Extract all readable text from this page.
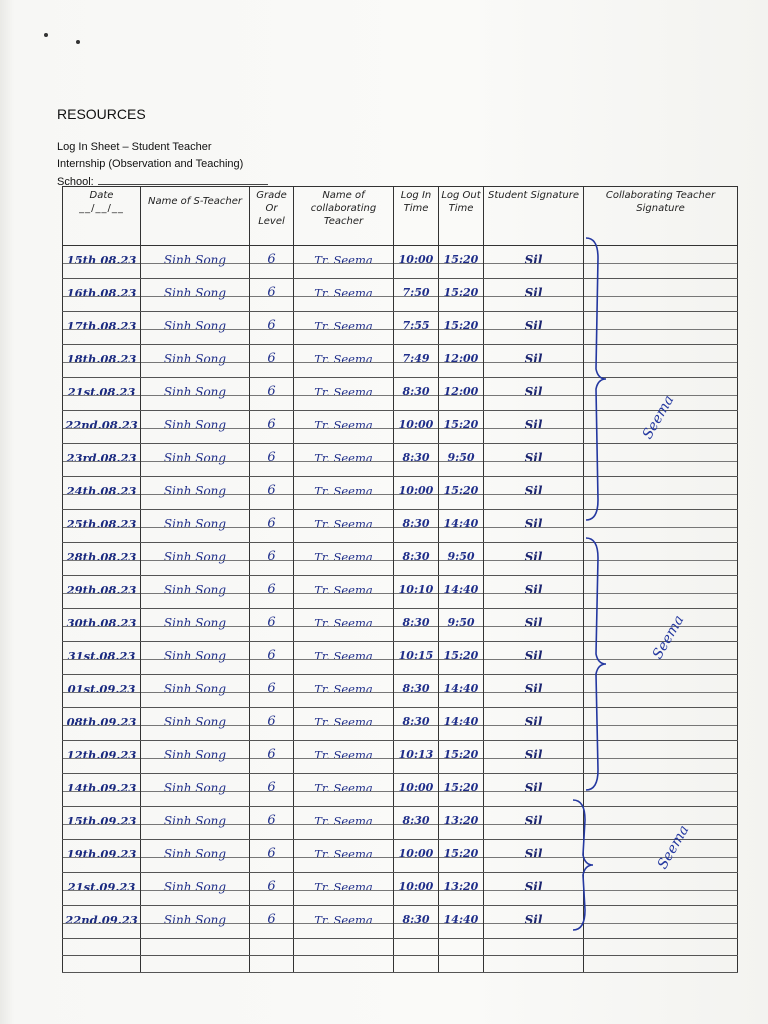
RESOURCES
Log In Sheet – Student Teacher
Internship (Observation and Teaching)
School:
Date
__/__/__	Name of S-Teacher	Grade Or Level	Name of collaborating Teacher	Log In Time	Log Out Time	Student Signature	Collaborating Teacher Signature

15th 08.23	Sinh Song	6	Tr. Seema	10:00	15:20	Sil	

16th.08.23	Sinh Song	6	Tr. Seema	7:50	15:20	Sil	

17th.08.23	Sinh Song	6	Tr. Seema	7:55	15:20	Sil	

18th.08.23	Sinh Song	6	Tr. Seema	7:49	12:00	Sil	

21st.08.23	Sinh Song	6	Tr. Seema	8:30	12:00	Sil	

22nd.08.23	Sinh Song	6	Tr. Seema	10:00	15:20	Sil	

23rd.08.23	Sinh Song	6	Tr. Seema	8:30	9:50	Sil	

24th.08.23	Sinh Song	6	Tr. Seema	10:00	15:20	Sil	

25th.08.23	Sinh Song	6	Tr. Seema	8:30	14:40	Sil	

28th.08.23	Sinh Song	6	Tr. Seema	8:30	9:50	Sil	

29th.08.23	Sinh Song	6	Tr. Seema	10:10	14:40	Sil	

30th.08.23	Sinh Song	6	Tr. Seema	8:30	9:50	Sil	

31st.08.23	Sinh Song	6	Tr. Seema	10:15	15:20	Sil	

01st.09.23	Sinh Song	6	Tr. Seema	8:30	14:40	Sil	

08th.09.23	Sinh Song	6	Tr. Seema	8:30	14:40	Sil	

12th.09.23	Sinh Song	6	Tr. Seema	10:13	15:20	Sil	

14th.09.23	Sinh Song	6	Tr. Seema	10:00	15:20	Sil	

15th.09.23	Sinh Song	6	Tr. Seema	8:30	13:20	Sil	

19th.09.23	Sinh Song	6	Tr. Seema	10:00	15:20	Sil	

21st.09.23	Sinh Song	6	Tr. Seema	10:00	13:20	Sil	

22nd.09.23	Sinh Song	6	Tr. Seema	8:30	14:40	Sil	

Seema
Seema
Seema
